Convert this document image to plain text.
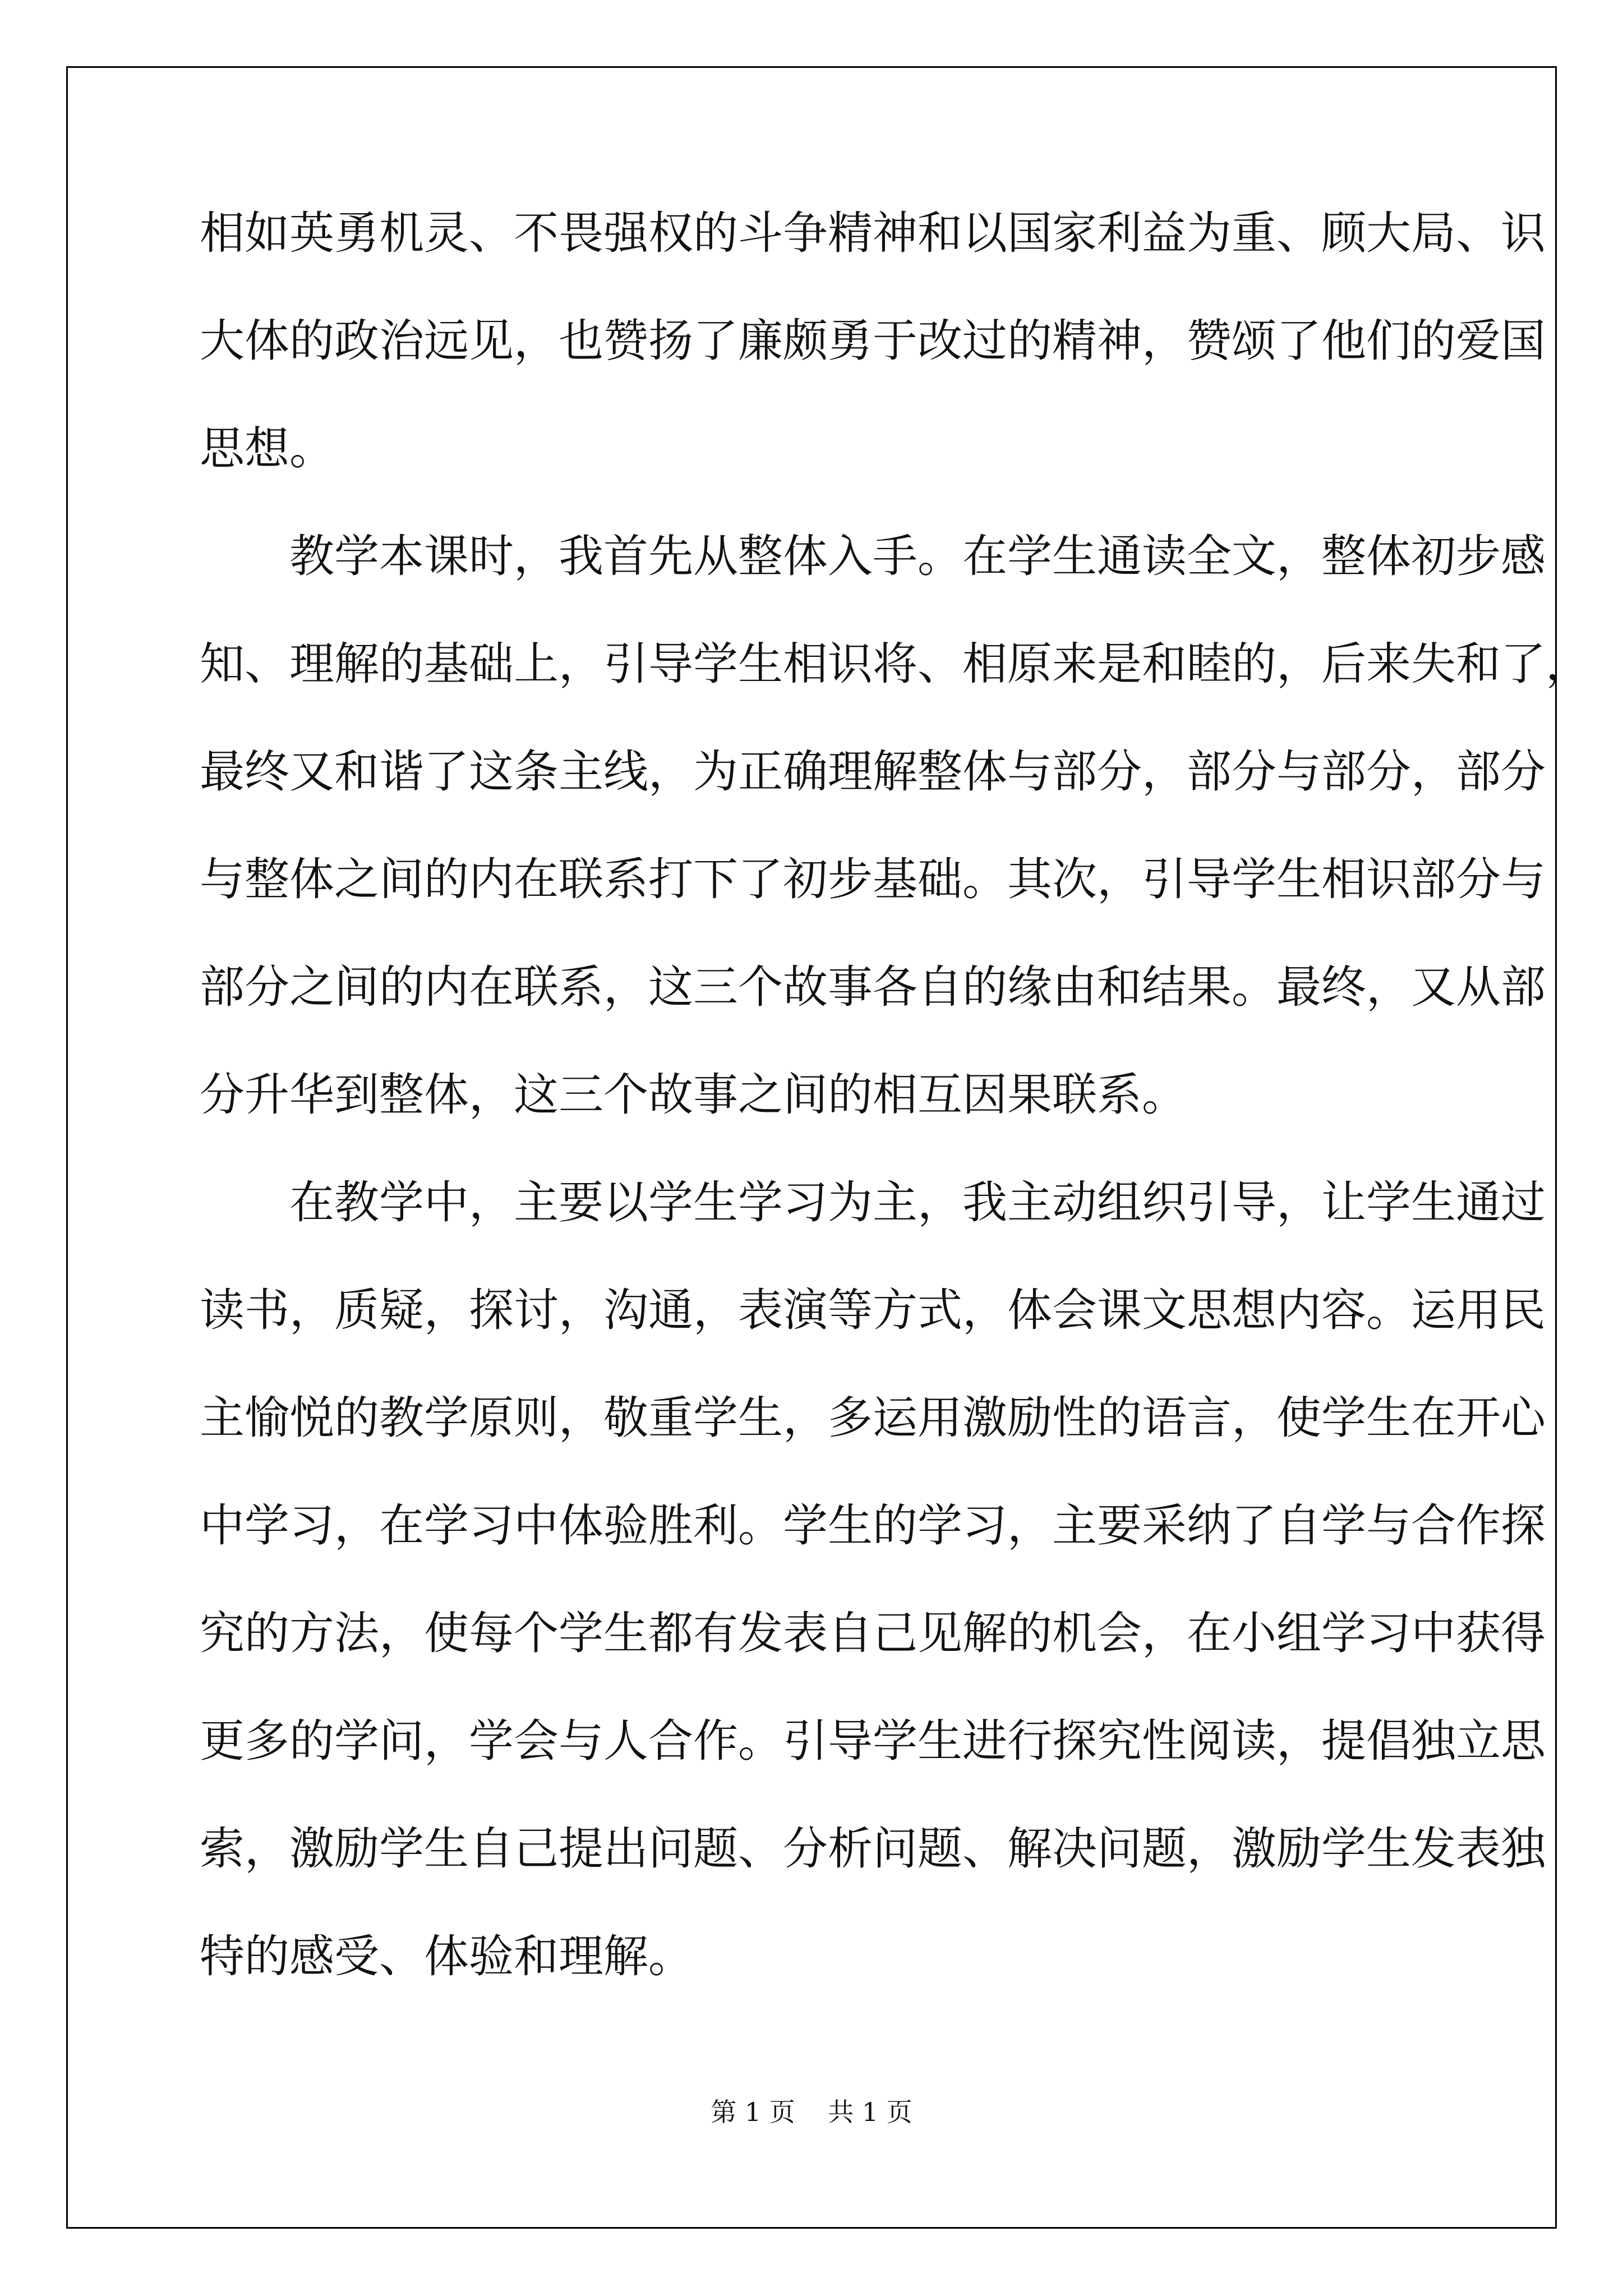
相如英勇机灵、不畏强权的斗争精神和以国家利益为重、顾大局、识
大体的政治远见，也赞扬了廉颇勇于改过的精神，赞颂了他们的爱国
思想。
　　教学本课时，我首先从整体入手。在学生通读全文，整体初步感
知、理解的基础上，引导学生相识将、相原来是和睦的，后来失和了，
最终又和谐了这条主线，为正确理解整体与部分，部分与部分，部分
与整体之间的内在联系打下了初步基础。其次，引导学生相识部分与
部分之间的内在联系，这三个故事各自的缘由和结果。最终，又从部
分升华到整体，这三个故事之间的相互因果联系。
　　在教学中，主要以学生学习为主，我主动组织引导，让学生通过
读书，质疑，探讨，沟通，表演等方式，体会课文思想内容。运用民
主愉悦的教学原则，敬重学生，多运用激励性的语言，使学生在开心
中学习，在学习中体验胜利。学生的学习，主要采纳了自学与合作探
究的方法，使每个学生都有发表自己见解的机会，在小组学习中获得
更多的学问，学会与人合作。引导学生进行探究性阅读，提倡独立思
索，激励学生自己提出问题、分析问题、解决问题，激励学生发表独
特的感受、体验和理解。
第 1 页    共 1 页
